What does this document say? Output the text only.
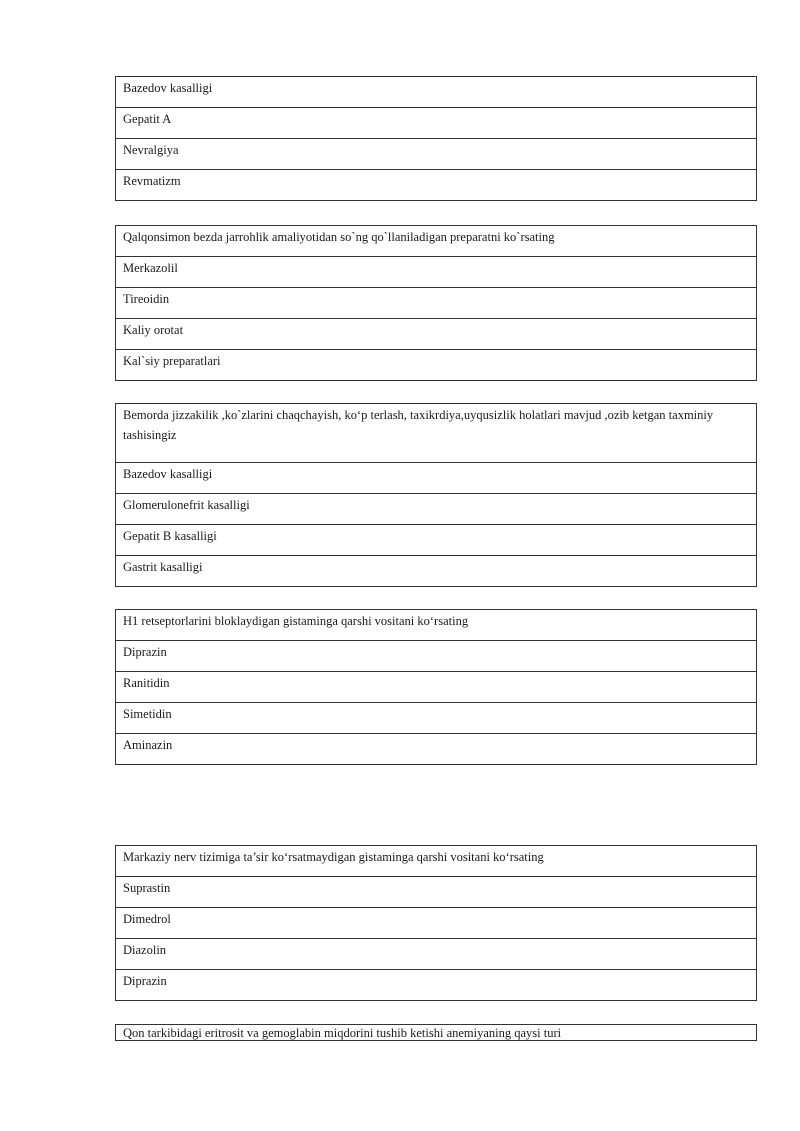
Bazedov kasalligi
Gepatit A
Nevralgiya
Revmatizm
Qalqonsimon bezda jarrohlik amaliyotidan so`ng qo`llaniladigan preparatni ko`rsating
Merkazolil
Tireoidin
Kaliy orotat
Kal`siy preparatlari
Bemorda jizzakilik ,ko`zlarini chaqchayish, ko‘p terlash, taxikrdiya,uyqusizlik holatlari mavjud ,ozib ketgan taxminiy tashisingiz
Bazedov kasalligi
Glomerulonefrit kasalligi
Gepatit B kasalligi
Gastrit kasalligi
H1 retseptorlarini bloklaydigan gistaminga qarshi vositani ko‘rsating
Diprazin
Ranitidin
Simetidin
Aminazin
Markaziy nerv tizimiga ta’sir ko‘rsatmaydigan gistaminga qarshi vositani ko‘rsating
Suprastin
Dimedrol
Diazolin
Diprazin
Qon tarkibidagi eritrosit va gemoglabin miqdorini tushib ketishi anemiyaning qaysi turi
